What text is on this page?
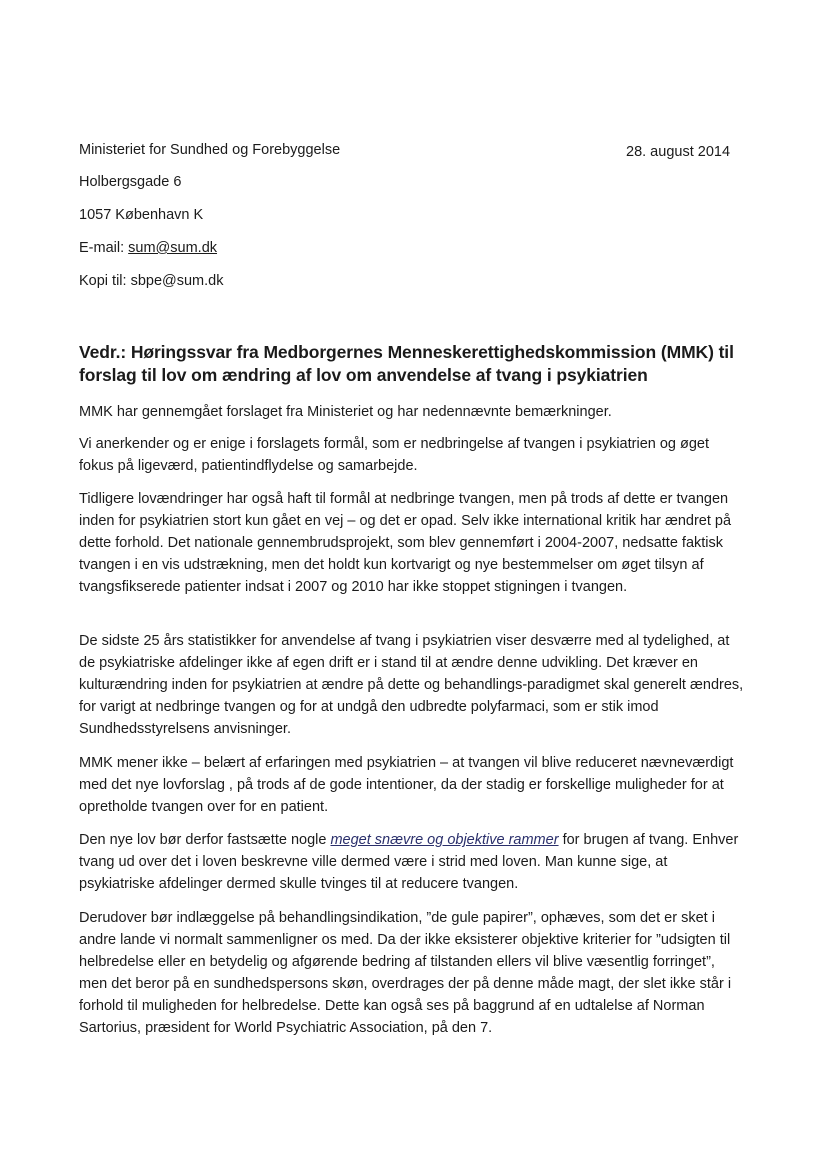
Ministeriet for Sundhed og Forebyggelse	28. august 2014
Holbergsgade 6
1057 København K
E-mail: sum@sum.dk
Kopi til: sbpe@sum.dk
Vedr.: Høringssvar fra Medborgernes Menneskerettighedskommission (MMK) til forslag til lov om ændring af lov om anvendelse af tvang i psykiatrien
MMK har gennemgået forslaget fra Ministeriet og har nedennævnte bemærkninger.
Vi anerkender og er enige i forslagets formål, som er nedbringelse af tvangen i psykiatrien og øget fokus på ligeværd, patientindflydelse og samarbejde.
Tidligere lovændringer har også haft til formål at nedbringe tvangen, men på trods af dette er tvangen inden for psykiatrien stort kun gået en vej – og det er opad. Selv ikke international kritik har ændret på dette forhold. Det nationale gennembrudsprojekt, som blev gennemført i 2004-2007, nedsatte faktisk tvangen i en vis udstrækning, men det holdt kun kortvarigt og nye bestemmelser om øget tilsyn af tvangsfikserede patienter indsat i 2007 og 2010 har ikke stoppet stigningen i tvangen.
De sidste 25 års statistikker for anvendelse af tvang i psykiatrien viser desværre med al tydelighed, at de psykiatriske afdelinger ikke af egen drift er i stand til at ændre denne udvikling. Det kræver en kulturændring inden for psykiatrien at ændre på dette og behandlings-paradigmet skal generelt ændres, for varigt at nedbringe tvangen og for at undgå den udbredte polyfarmaci, som er stik imod Sundhedsstyrelsens anvisninger.
MMK mener ikke – belært af erfaringen med psykiatrien – at tvangen vil blive reduceret nævneværdigt med det nye lovforslag , på trods af de gode intentioner, da der stadig er forskellige muligheder for at opretholde tvangen over for en patient.
Den nye lov bør derfor fastsætte nogle meget snævre og objektive rammer for brugen af tvang. Enhver tvang ud over det i loven beskrevne ville dermed være i strid med loven. Man kunne sige, at psykiatriske afdelinger dermed skulle tvinges til at reducere tvangen.
Derudover bør indlæggelse på behandlingsindikation, ”de gule papirer”, ophæves, som det er sket i andre lande vi normalt sammenligner os med. Da der ikke eksisterer objektive kriterier for ”udsigten til helbredelse eller en betydelig og afgørende bedring af tilstanden ellers vil blive væsentlig forringet”, men det beror på en sundhedspersons skøn, overdrages der på denne måde magt, der slet ikke står i forhold til muligheden for helbredelse. Dette kan også ses på baggrund af en udtalelse af Norman Sartorius, præsident for World Psychiatric Association, på den 7.
